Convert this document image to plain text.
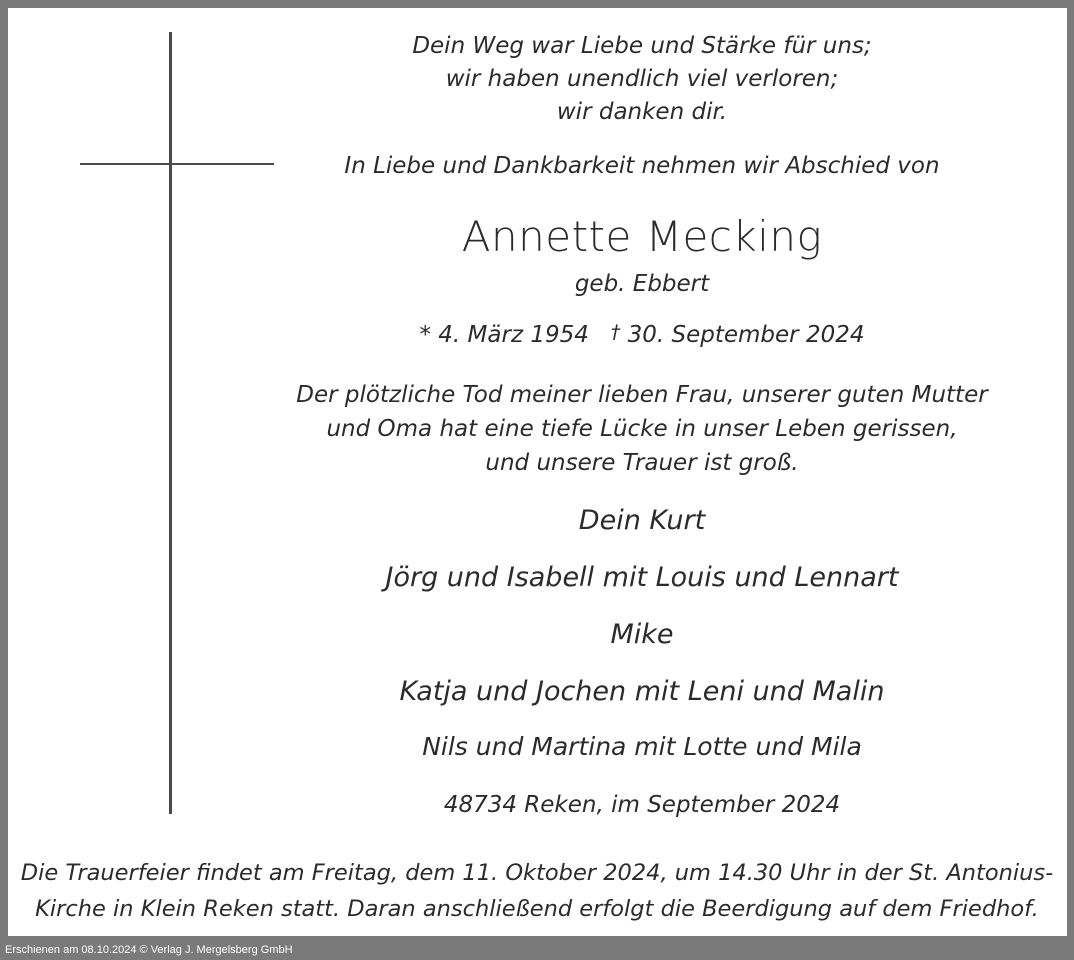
Dein Weg war Liebe und Stärke für uns;
wir haben unendlich viel verloren;
wir danken dir.
In Liebe und Dankbarkeit nehmen wir Abschied von
Annette Mecking
geb. Ebbert
* 4. März 1954 † 30. September 2024
Der plötzliche Tod meiner lieben Frau, unserer guten Mutter
und Oma hat eine tiefe Lücke in unser Leben gerissen,
und unsere Trauer ist groß.
Dein Kurt
Jörg und Isabell mit Louis und Lennart
Mike
Katja und Jochen mit Leni und Malin
Nils und Martina mit Lotte und Mila
48734 Reken, im September 2024
Die Trauerfeier findet am Freitag, dem 11. Oktober 2024, um 14.30 Uhr in der St. Antonius-
Kirche in Klein Reken statt. Daran anschließend erfolgt die Beerdigung auf dem Friedhof.
Erschienen am 08.10.2024 © Verlag J. Mergelsberg GmbH
